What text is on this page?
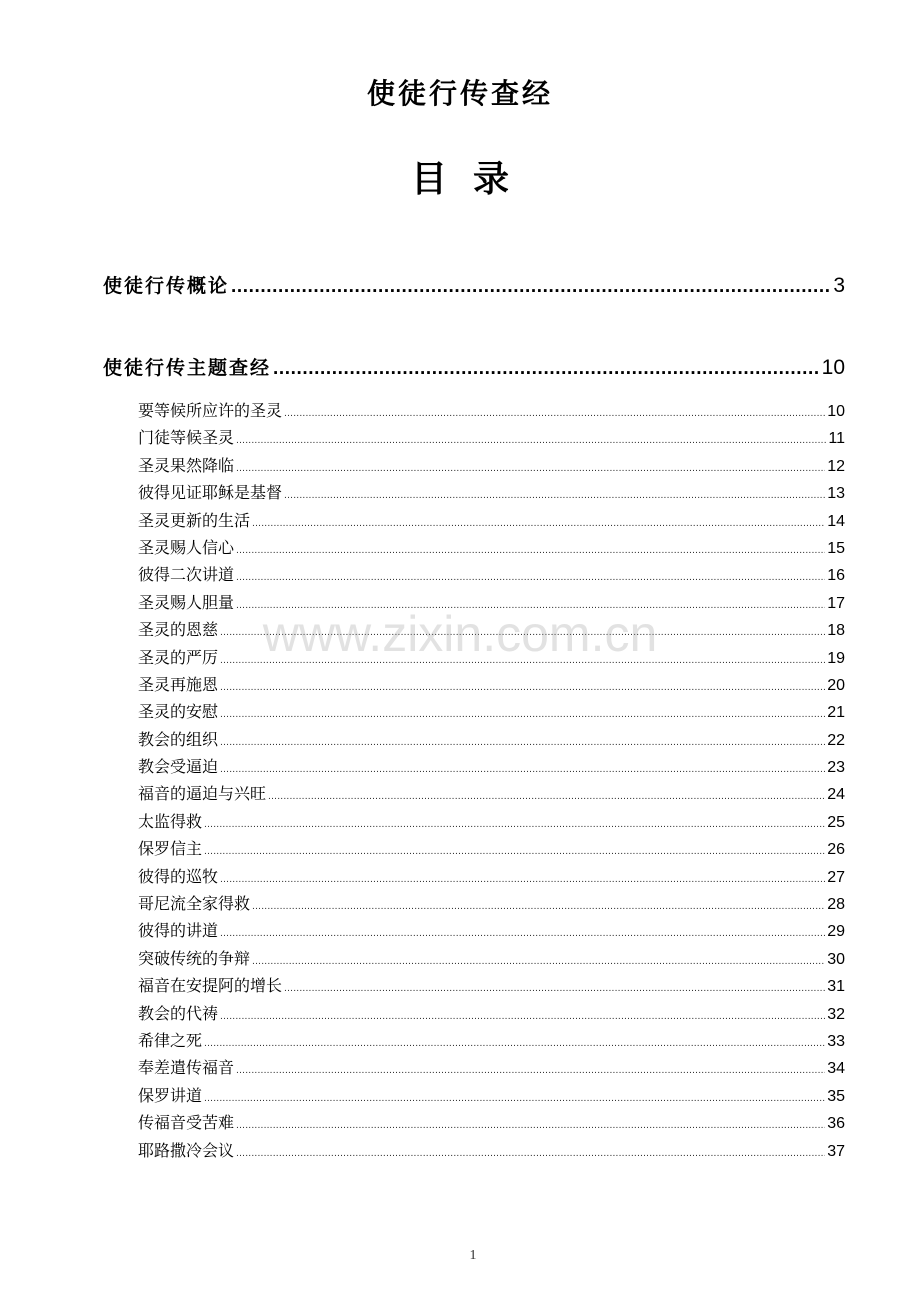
使徒行传查经
目录
使徒行传概论 .....	3
使徒行传主题查经 .....	10
要等候所应许的圣灵 .....	10
门徒等候圣灵 .....	11
圣灵果然降临 .....	12
彼得见证耶稣是基督 .....	13
圣灵更新的生活 .....	14
圣灵赐人信心 .....	15
彼得二次讲道 .....	16
圣灵赐人胆量 .....	17
圣灵的恩慈 .....	18
圣灵的严厉 .....	19
圣灵再施恩 .....	20
圣灵的安慰 .....	21
教会的组织 .....	22
教会受逼迫 .....	23
福音的逼迫与兴旺 .....	24
太监得救 .....	25
保罗信主 .....	26
彼得的巡牧 .....	27
哥尼流全家得救 .....	28
彼得的讲道 .....	29
突破传统的争辩 .....	30
福音在安提阿的增长 .....	31
教会的代祷 .....	32
希律之死 .....	33
奉差遣传福音 .....	34
保罗讲道 .....	35
传福音受苦难 .....	36
耶路撒冷会议 .....	37
www.zixin.com.cn
1
